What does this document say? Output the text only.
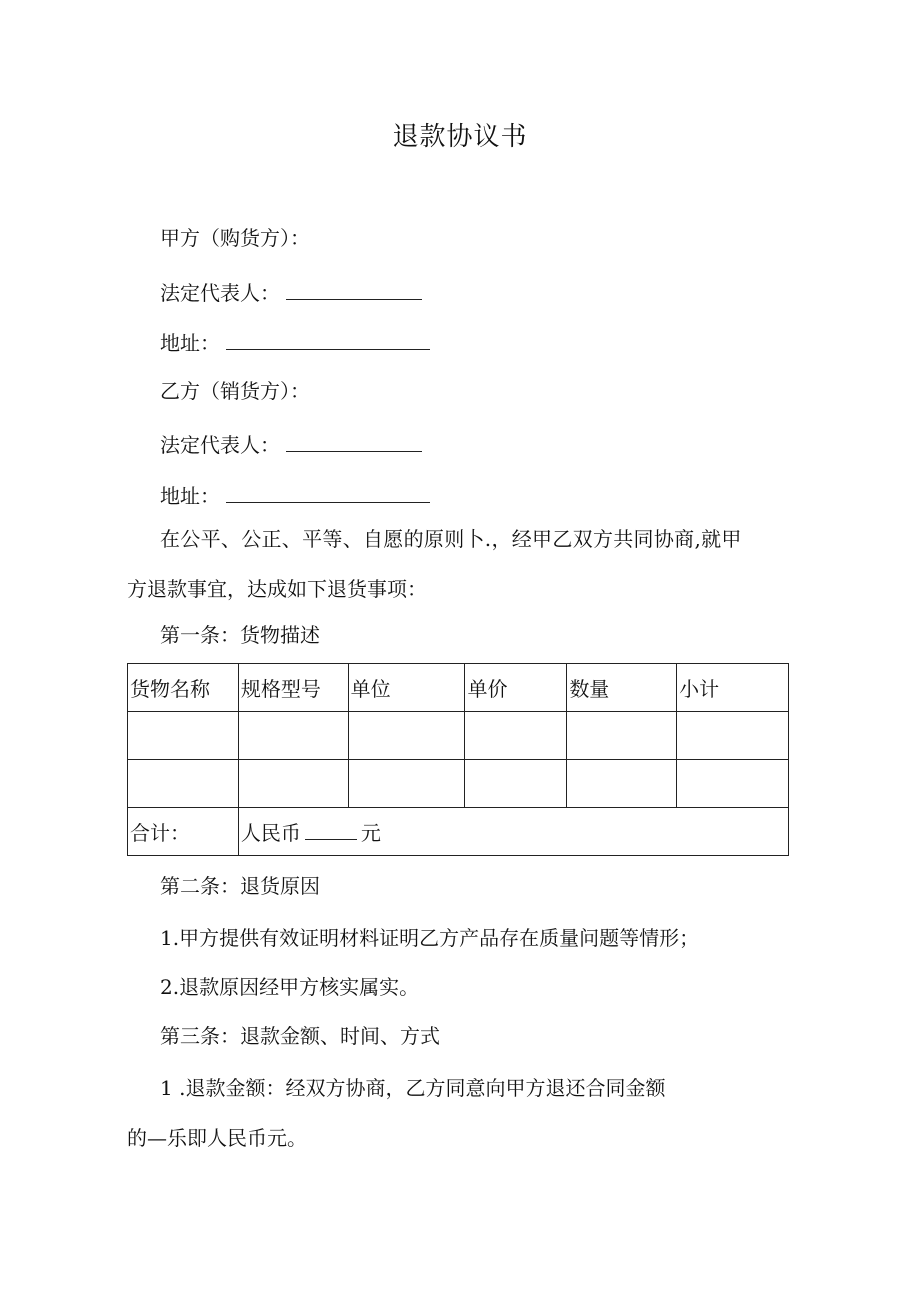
退款协议书
甲方（购货方）：
法定代表人：
地址：
乙方（销货方）：
法定代表人：
地址：
在公平、公正、平等、自愿的原则卜.，经甲乙双方共同协商,就甲
方退款事宜，达成如下退货事项：
第一条：货物描述
货物名称	规格型号	单位	单价	数量	小计

合计：	人民币 元				
第二条：退货原因
1.甲方提供有效证明材料证明乙方产品存在质量问题等情形；
2.退款原因经甲方核实属实。
第三条：退款金额、时间、方式
1 .退款金额：经双方协商，乙方同意向甲方退还合同金额
的—乐即人民币元。
